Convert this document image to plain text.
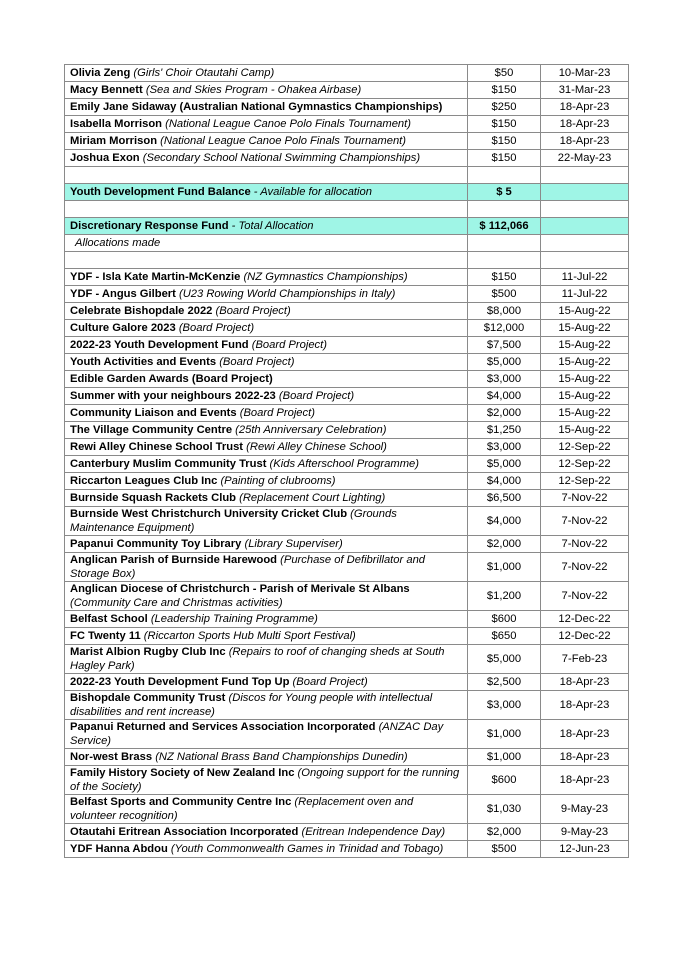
Olivia Zeng (Girls' Choir Otautahi Camp)	$50	10-Mar-23
Macy Bennett (Sea and Skies Program - Ohakea Airbase)	$150	31-Mar-23
Emily Jane Sidaway (Australian National Gymnastics Championships)	$250	18-Apr-23
Isabella Morrison (National League Canoe Polo Finals Tournament)	$150	18-Apr-23
Miriam Morrison (National League Canoe Polo Finals Tournament)	$150	18-Apr-23
Joshua Exon (Secondary School National Swimming Championships)	$150	22-May-23

Youth Development Fund Balance - Available for allocation	$ 5	

Discretionary Response Fund - Total Allocation	$ 112,066	
Allocations made		

YDF - Isla Kate Martin-McKenzie (NZ Gymnastics Championships)	$150	11-Jul-22
YDF - Angus Gilbert (U23 Rowing World Championships in Italy)	$500	11-Jul-22
Celebrate Bishopdale 2022 (Board Project)	$8,000	15-Aug-22
Culture Galore 2023 (Board Project)	$12,000	15-Aug-22
2022-23 Youth Development Fund (Board Project)	$7,500	15-Aug-22
Youth Activities and Events (Board Project)	$5,000	15-Aug-22
Edible Garden Awards (Board Project)	$3,000	15-Aug-22
Summer with your neighbours 2022-23 (Board Project)	$4,000	15-Aug-22
Community Liaison and Events (Board Project)	$2,000	15-Aug-22
The Village Community Centre (25th Anniversary Celebration)	$1,250	15-Aug-22
Rewi Alley Chinese School Trust (Rewi Alley Chinese School)	$3,000	12-Sep-22
Canterbury Muslim Community Trust (Kids Afterschool Programme)	$5,000	12-Sep-22
Riccarton Leagues Club Inc (Painting of clubrooms)	$4,000	12-Sep-22
Burnside Squash Rackets Club (Replacement Court Lighting)	$6,500	7-Nov-22
Burnside West Christchurch University Cricket Club (Grounds Maintenance Equipment)	$4,000	7-Nov-22
Papanui Community Toy Library (Library Superviser)	$2,000	7-Nov-22
Anglican Parish of Burnside Harewood (Purchase of Defibrillator and Storage Box)	$1,000	7-Nov-22
Anglican Diocese of Christchurch - Parish of Merivale St Albans (Community Care and Christmas activities)	$1,200	7-Nov-22
Belfast School (Leadership Training Programme)	$600	12-Dec-22
FC Twenty 11 (Riccarton Sports Hub Multi Sport Festival)	$650	12-Dec-22
Marist Albion Rugby Club Inc (Repairs to roof of changing sheds at South Hagley Park)	$5,000	7-Feb-23
2022-23 Youth Development Fund Top Up (Board Project)	$2,500	18-Apr-23
Bishopdale Community Trust (Discos for Young people with intellectual disabilities and rent increase)	$3,000	18-Apr-23
Papanui Returned and Services Association Incorporated (ANZAC Day Service)	$1,000	18-Apr-23
Nor-west Brass (NZ National Brass Band Championships Dunedin)	$1,000	18-Apr-23
Family History Society of New Zealand Inc (Ongoing support for the running of the Society)	$600	18-Apr-23
Belfast Sports and Community Centre Inc (Replacement oven and volunteer recognition)	$1,030	9-May-23
Otautahi Eritrean Association Incorporated (Eritrean Independence Day)	$2,000	9-May-23
YDF Hanna Abdou (Youth Commonwealth Games in Trinidad and Tobago)	$500	12-Jun-23
